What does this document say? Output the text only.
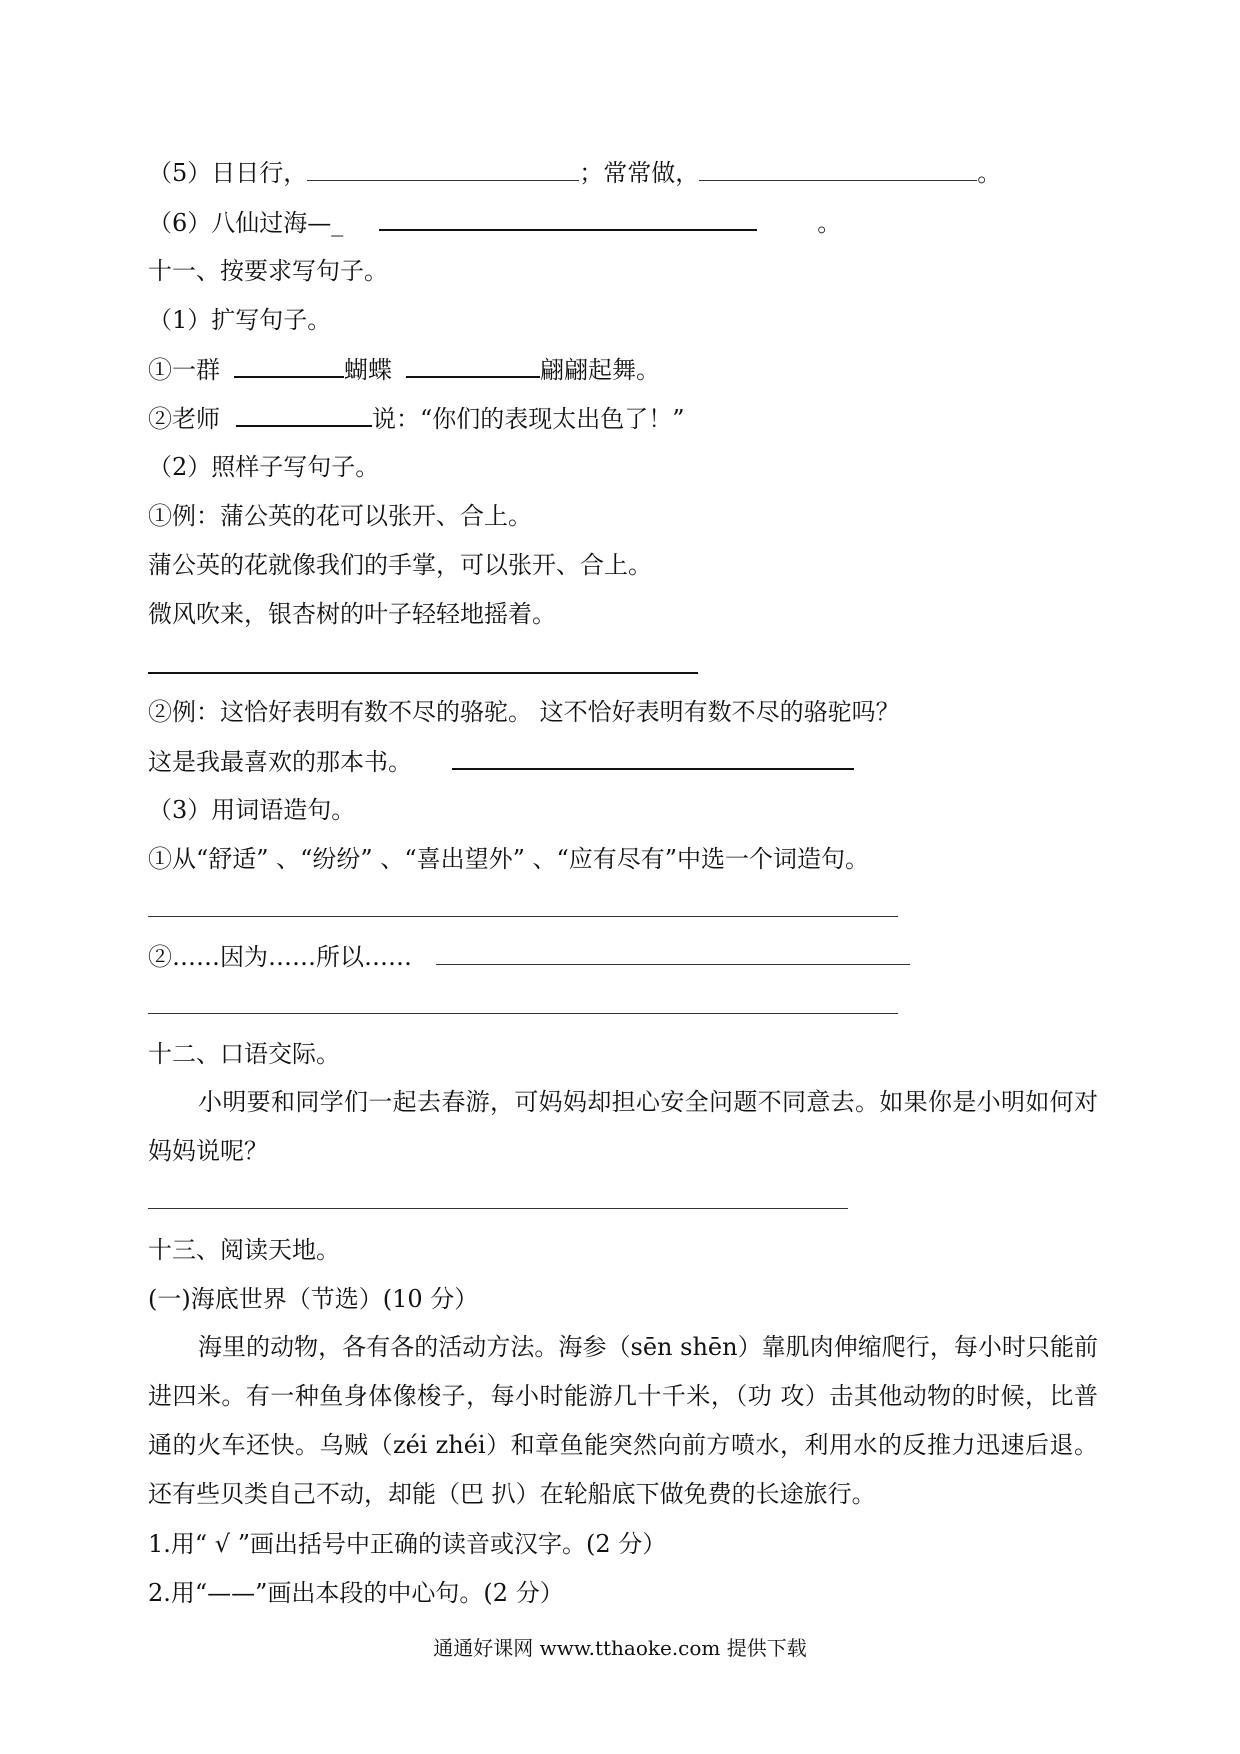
（5）日日行，	；常常做，	。
（6）八仙过海—_	。
十一、按要求写句子。
（1）扩写句子。
①一群	蝴蝶	翩翩起舞。
②老师	说：“你们的表现太出色了！”
（2）照样子写句子。
①例：蒲公英的花可以张开、合上。
蒲公英的花就像我们的手掌，可以张开、合上。
微风吹来，银杏树的叶子轻轻地摇着。
②例：这恰好表明有数不尽的骆驼。 这不恰好表明有数不尽的骆驼吗？
这是我最喜欢的那本书。
（3）用词语造句。
①从“舒适” 、“纷纷” 、“喜出望外” 、“应有尽有”中选一个词造句。
②……因为……所以……
十二、口语交际。
小明要和同学们一起去春游，可妈妈却担心安全问题不同意去。如果你是小明如何对妈妈说呢？
十三、阅读天地。
(一)海底世界（节选）(10 分）
海里的动物，各有各的活动方法。海参（sēn shēn）靠肌肉伸缩爬行，每小时只能前进四米。有一种鱼身体像梭子，每小时能游几十千米，（功 攻）击其他动物的时候，比普通的火车还快。乌贼（zéi zhéi）和章鱼能突然向前方喷水，利用水的反推力迅速后退。还有些贝类自己不动，却能（巴 扒）在轮船底下做免费的长途旅行。
1.用“ √ ”画出括号中正确的读音或汉字。(2 分）
2.用“——”画出本段的中心句。(2 分）
通通好课网 www.tthaoke.com 提供下载
